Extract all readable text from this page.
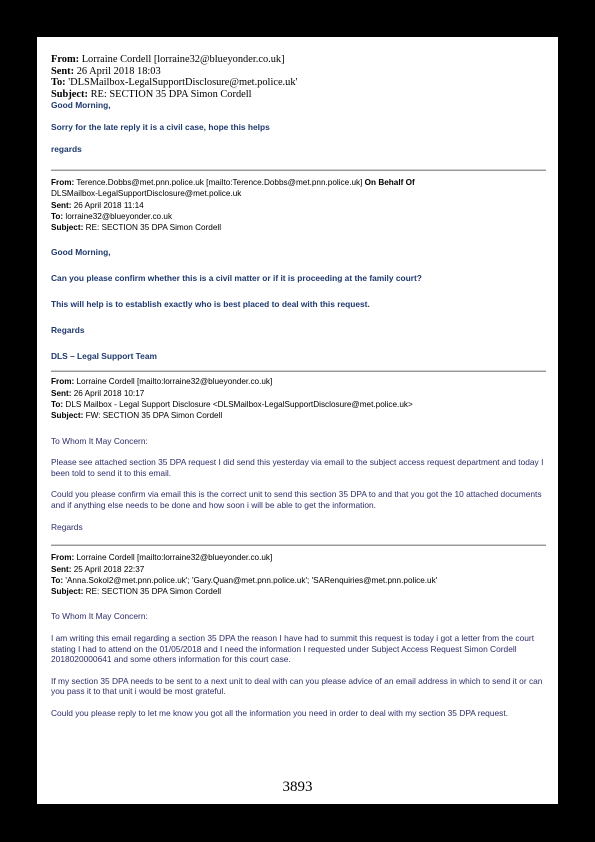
From: Lorraine Cordell [lorraine32@blueyonder.co.uk]
Sent: 26 April 2018 18:03
To: 'DLSMailbox-LegalSupportDisclosure@met.police.uk'
Subject: RE: SECTION 35 DPA Simon Cordell
Good Morning,
Sorry for the late reply it is a civil case, hope this helps
regards
From: Terence.Dobbs@met.pnn.police.uk [mailto:Terence.Dobbs@met.pnn.police.uk] On Behalf Of
DLSMailbox-LegalSupportDisclosure@met.police.uk
Sent: 26 April 2018 11:14
To: lorraine32@blueyonder.co.uk
Subject: RE: SECTION 35 DPA Simon Cordell
Good Morning,
Can you please confirm whether this is a civil matter or if it is proceeding at the family court?
This will help is to establish exactly who is best placed to deal with this request.
Regards
DLS – Legal Support Team
From: Lorraine Cordell [mailto:lorraine32@blueyonder.co.uk]
Sent: 26 April 2018 10:17
To: DLS Mailbox - Legal Support Disclosure <DLSMailbox-LegalSupportDisclosure@met.police.uk>
Subject: FW: SECTION 35 DPA Simon Cordell
To Whom It May Concern:
Please see attached section 35 DPA request I did send this yesterday via email to the subject access request department and today I been told to send it to this email.
Could you please confirm via email this is the correct unit to send this section 35 DPA to and that you got the 10 attached documents and if anything else needs to be done and how soon i will be able to get the information.
Regards
From: Lorraine Cordell [mailto:lorraine32@blueyonder.co.uk]
Sent: 25 April 2018 22:37
To: 'Anna.Sokol2@met.pnn.police.uk'; 'Gary.Quan@met.pnn.police.uk'; 'SARenquiries@met.pnn.police.uk'
Subject: RE: SECTION 35 DPA Simon Cordell
To Whom It May Concern:
I am writing this email regarding a section 35 DPA the reason I have had to summit this request is today i got a letter from the court stating I had to attend on the 01/05/2018 and I need the information I requested under Subject Access Request Simon Cordell 2018020000641 and some others information for this court case.
If my section 35 DPA needs to be sent to a next unit to deal with can you please advice of an email address in which to send it or can you pass it to that unit i would be most grateful.
Could you please reply to let me know you got all the information you need in order to deal with my section 35 DPA request.
3893
